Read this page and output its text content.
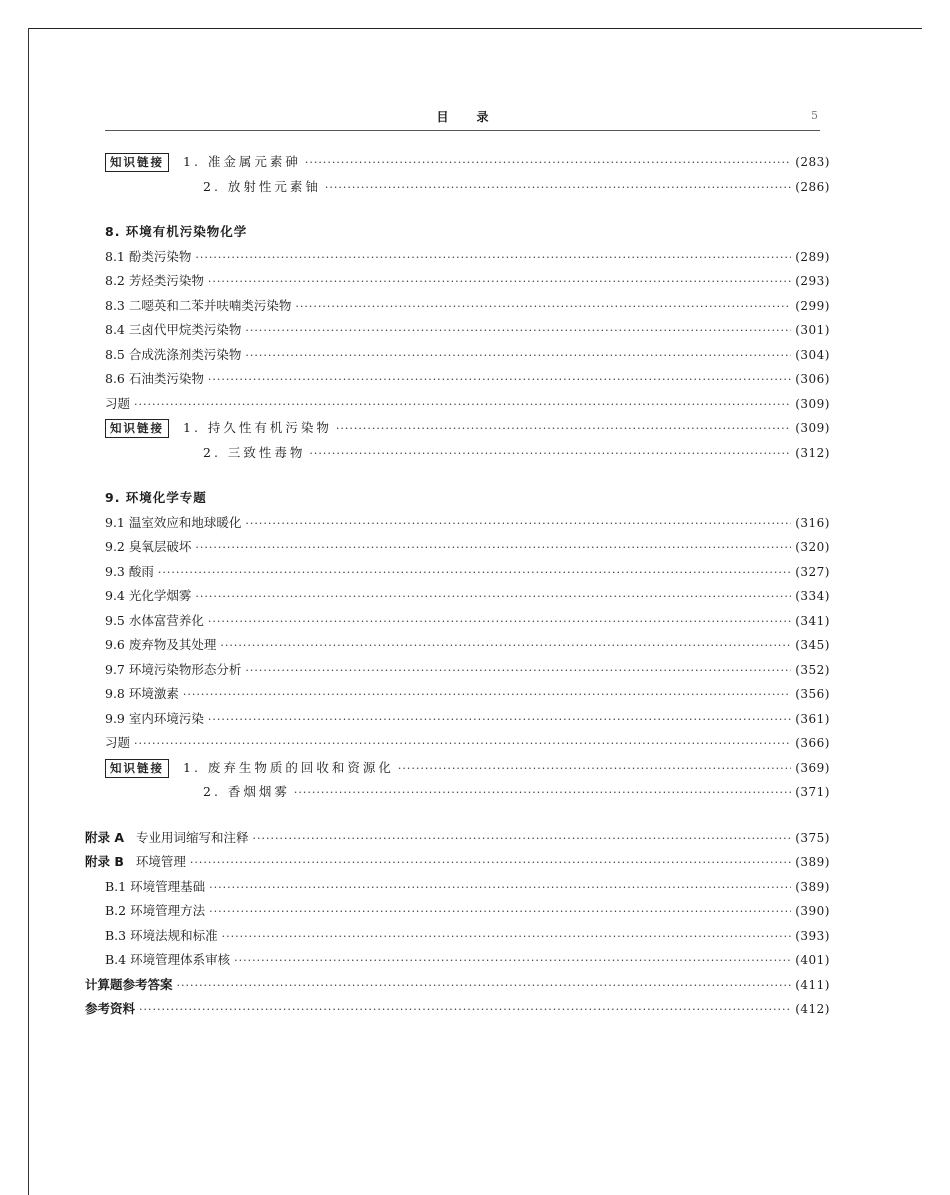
目录	5
知识链接	1. 准金属元素砷 ·····	(283)
2. 放射性元素铀 ·····	(286)
8. 环境有机污染物化学
8.1 酚类污染物 ·····	(289)
8.2 芳烃类污染物 ·····	(293)
8.3 二噁英和二苯并呋喃类污染物 ·····	(299)
8.4 三卤代甲烷类污染物 ·····	(301)
8.5 合成洗涤剂类污染物 ·····	(304)
8.6 石油类污染物 ·····	(306)
习题 ·····	(309)
知识链接	1. 持久性有机污染物 ·····	(309)
2. 三致性毒物 ·····	(312)
9. 环境化学专题
9.1 温室效应和地球暖化 ·····	(316)
9.2 臭氧层破坏 ·····	(320)
9.3 酸雨 ·····	(327)
9.4 光化学烟雾 ·····	(334)
9.5 水体富营养化 ·····	(341)
9.6 废弃物及其处理 ·····	(345)
9.7 环境污染物形态分析 ·····	(352)
9.8 环境激素 ·····	(356)
9.9 室内环境污染 ·····	(361)
习题 ·····	(366)
知识链接	1. 废弃生物质的回收和资源化 ·····	(369)
2. 香烟烟雾 ·····	(371)
附录 A 专业用词缩写和注释 ·····	(375)
附录 B 环境管理 ·····	(389)
B.1 环境管理基础 ·····	(389)
B.2 环境管理方法 ·····	(390)
B.3 环境法规和标准 ·····	(393)
B.4 环境管理体系审核 ·····	(401)
计算题参考答案 ·····	(411)
参考资料 ·····	(412)
